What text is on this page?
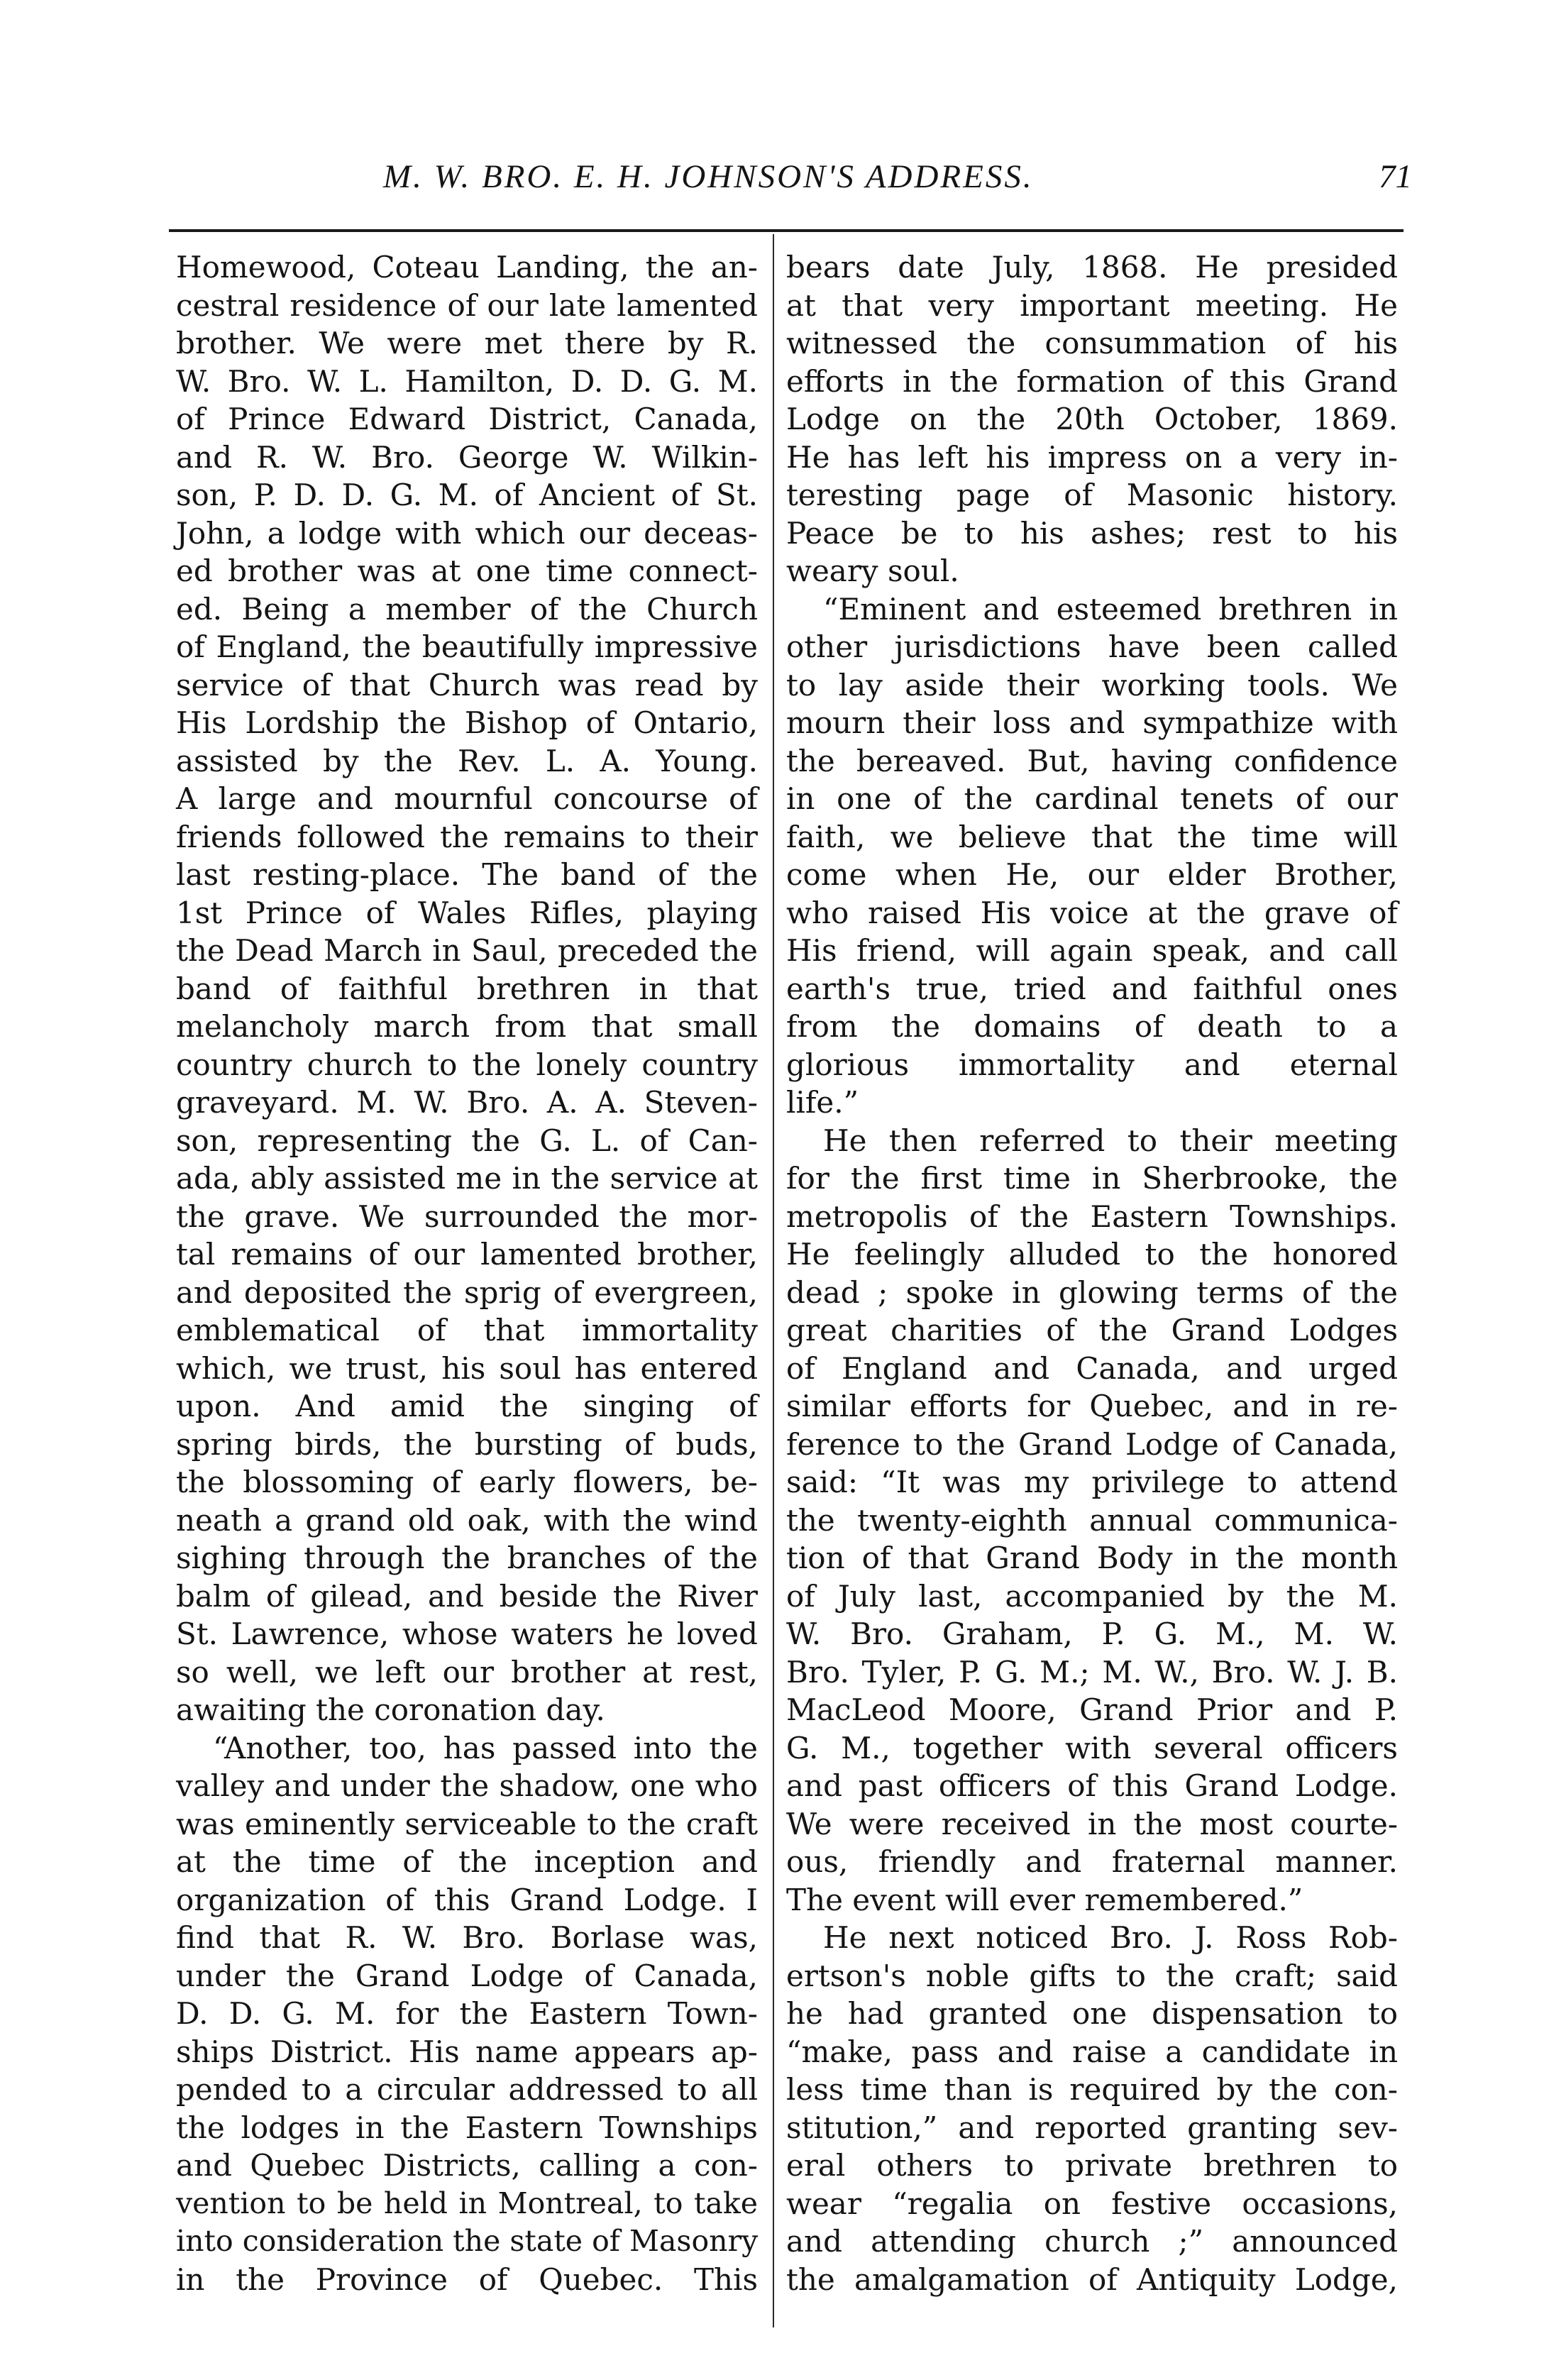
M. W. BRO. E. H. JOHNSON'S ADDRESS.	71
Homewood, Coteau Landing, the an-
cestral residence of our late lamented
brother. We were met there by R.
W. Bro. W. L. Hamilton, D. D. G. M.
of Prince Edward District, Canada,
and R. W. Bro. George W. Wilkin-
son, P. D. D. G. M. of Ancient of St.
John, a lodge with which our deceas-
ed brother was at one time connect-
ed. Being a member of the Church
of England, the beautifully impressive
service of that Church was read by
His Lordship the Bishop of Ontario,
assisted by the Rev. L. A. Young.
A large and mournful concourse of
friends followed the remains to their
last resting-place. The band of the
1st Prince of Wales Rifles, playing
the Dead March in Saul, preceded the
band of faithful brethren in that
melancholy march from that small
country church to the lonely country
graveyard. M. W. Bro. A. A. Steven-
son, representing the G. L. of Can-
ada, ably assisted me in the service at
the grave. We surrounded the mor-
tal remains of our lamented brother,
and deposited the sprig of evergreen,
emblematical of that immortality
which, we trust, his soul has entered
upon. And amid the singing of
spring birds, the bursting of buds,
the blossoming of early flowers, be-
neath a grand old oak, with the wind
sighing through the branches of the
balm of gilead, and beside the River
St. Lawrence, whose waters he loved
so well, we left our brother at rest,
awaiting the coronation day.
“Another, too, has passed into the
valley and under the shadow, one who
was eminently serviceable to the craft
at the time of the inception and
organization of this Grand Lodge. I
find that R. W. Bro. Borlase was,
under the Grand Lodge of Canada,
D. D. G. M. for the Eastern Town-
ships District. His name appears ap-
pended to a circular addressed to all
the lodges in the Eastern Townships
and Quebec Districts, calling a con-
vention to be held in Montreal, to take
into consideration the state of Masonry
in the Province of Quebec. This
bears date July, 1868. He presided
at that very important meeting. He
witnessed the consummation of his
efforts in the formation of this Grand
Lodge on the 20th October, 1869.
He has left his impress on a very in-
teresting page of Masonic history.
Peace be to his ashes; rest to his
weary soul.
“Eminent and esteemed brethren in
other jurisdictions have been called
to lay aside their working tools. We
mourn their loss and sympathize with
the bereaved. But, having confidence
in one of the cardinal tenets of our
faith, we believe that the time will
come when He, our elder Brother,
who raised His voice at the grave of
His friend, will again speak, and call
earth's true, tried and faithful ones
from the domains of death to a
glorious immortality and eternal
life.”
He then referred to their meeting
for the first time in Sherbrooke, the
metropolis of the Eastern Townships.
He feelingly alluded to the honored
dead ; spoke in glowing terms of the
great charities of the Grand Lodges
of England and Canada, and urged
similar efforts for Quebec, and in re-
ference to the Grand Lodge of Canada,
said: “It was my privilege to attend
the twenty-eighth annual communica-
tion of that Grand Body in the month
of July last, accompanied by the M.
W. Bro. Graham, P. G. M., M. W.
Bro. Tyler, P. G. M.; M. W., Bro. W. J. B.
MacLeod Moore, Grand Prior and P.
G. M., together with several officers
and past officers of this Grand Lodge.
We were received in the most courte-
ous, friendly and fraternal manner.
The event will ever remembered.”
He next noticed Bro. J. Ross Rob-
ertson's noble gifts to the craft; said
he had granted one dispensation to
“make, pass and raise a candidate in
less time than is required by the con-
stitution,” and reported granting sev-
eral others to private brethren to
wear “regalia on festive occasions,
and attending church ;” announced
the amalgamation of Antiquity Lodge,
